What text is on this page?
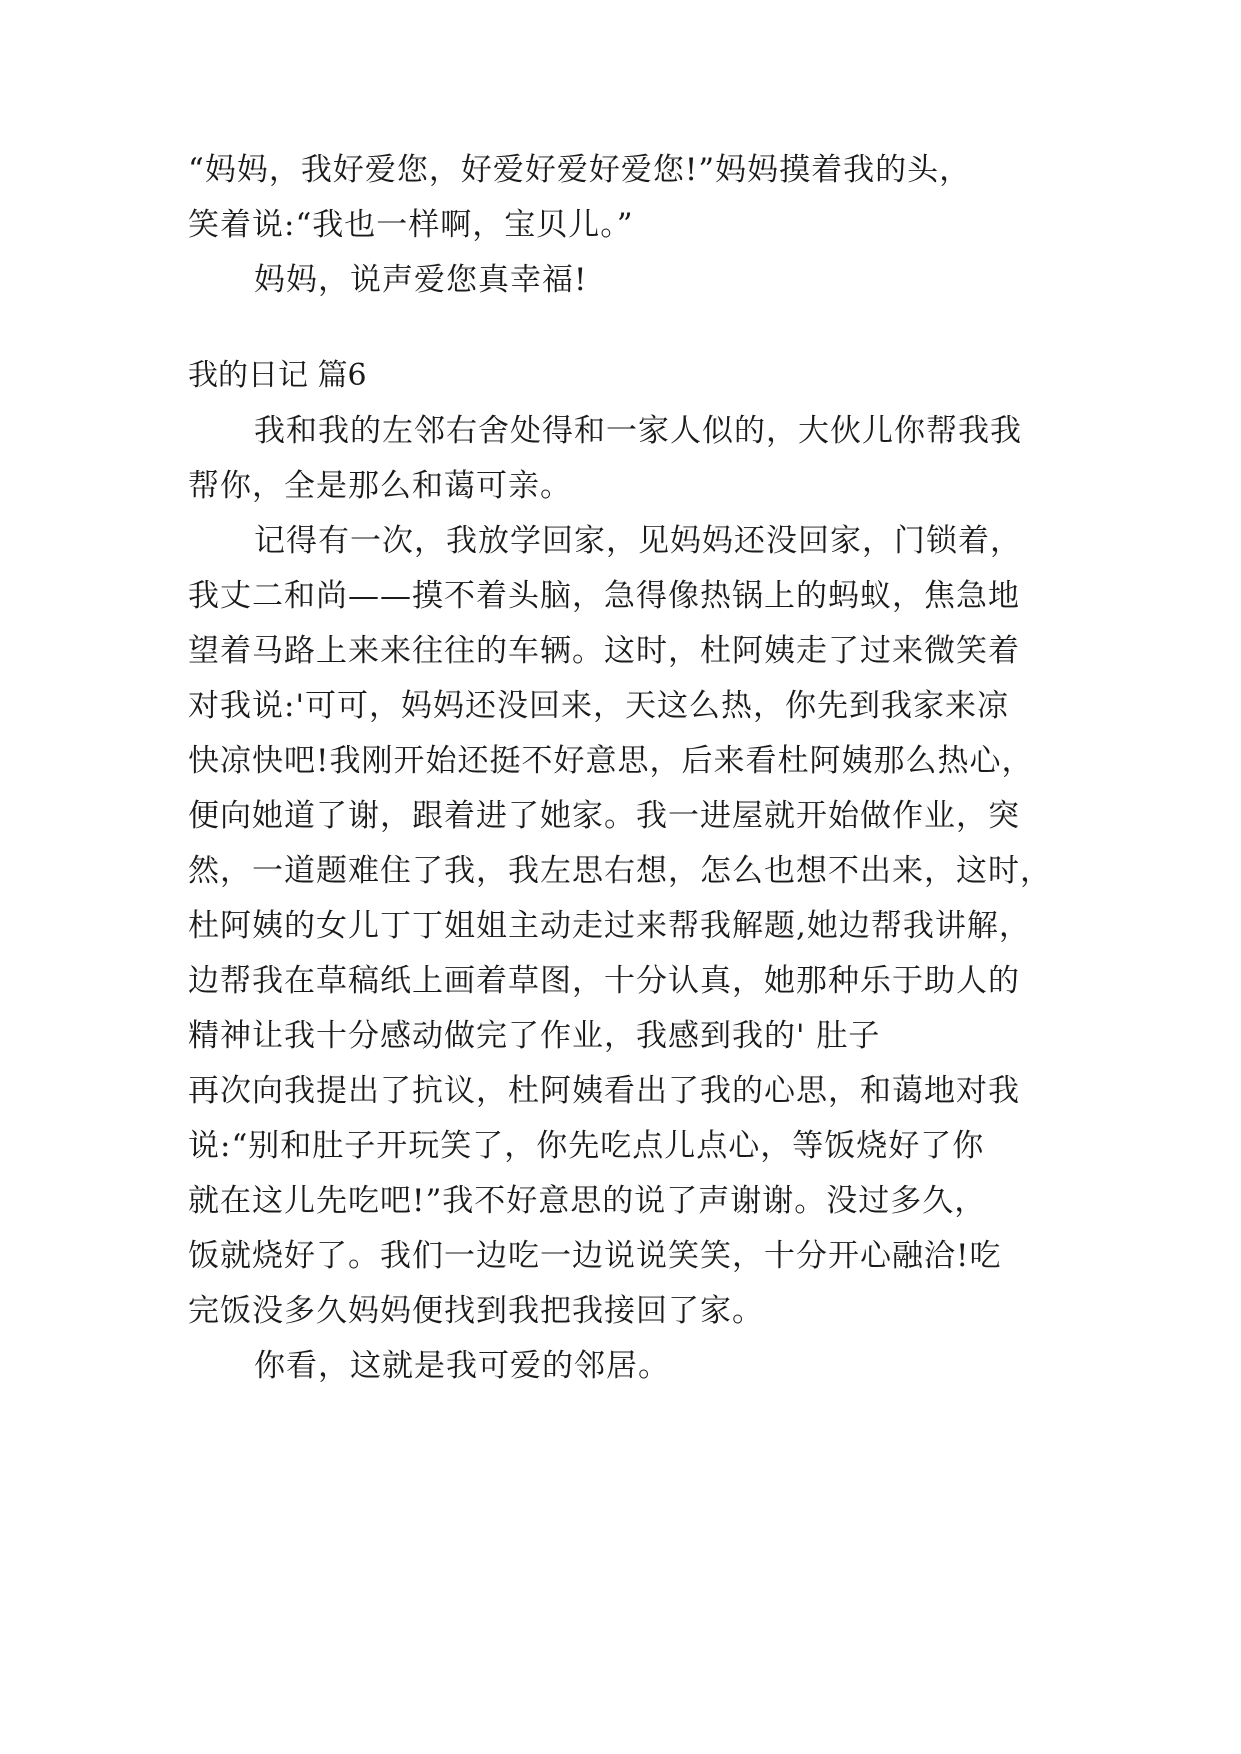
“妈妈，我好爱您，好爱好爱好爱您!”妈妈摸着我的头，
笑着说:“我也一样啊，宝贝儿。”
妈妈，说声爱您真幸福!
我的日记 篇6
我和我的左邻右舍处得和一家人似的，大伙儿你帮我我
帮你，全是那么和蔼可亲。
记得有一次，我放学回家，见妈妈还没回家，门锁着，
我丈二和尚——摸不着头脑，急得像热锅上的蚂蚁，焦急地
望着马路上来来往往的车辆。这时，杜阿姨走了过来微笑着
对我说:'可可，妈妈还没回来，天这么热，你先到我家来凉
快凉快吧!我刚开始还挺不好意思，后来看杜阿姨那么热心，
便向她道了谢，跟着进了她家。我一进屋就开始做作业，突
然，一道题难住了我，我左思右想，怎么也想不出来，这时，
杜阿姨的女儿丁丁姐姐主动走过来帮我解题,她边帮我讲解，
边帮我在草稿纸上画着草图，十分认真，她那种乐于助人的
精神让我十分感动做完了作业，我感到我的' 肚子
再次向我提出了抗议，杜阿姨看出了我的心思，和蔼地对我
说:“别和肚子开玩笑了，你先吃点儿点心，等饭烧好了你
就在这儿先吃吧!”我不好意思的说了声谢谢。没过多久，
饭就烧好了。我们一边吃一边说说笑笑，十分开心融洽!吃
完饭没多久妈妈便找到我把我接回了家。
你看，这就是我可爱的邻居。
